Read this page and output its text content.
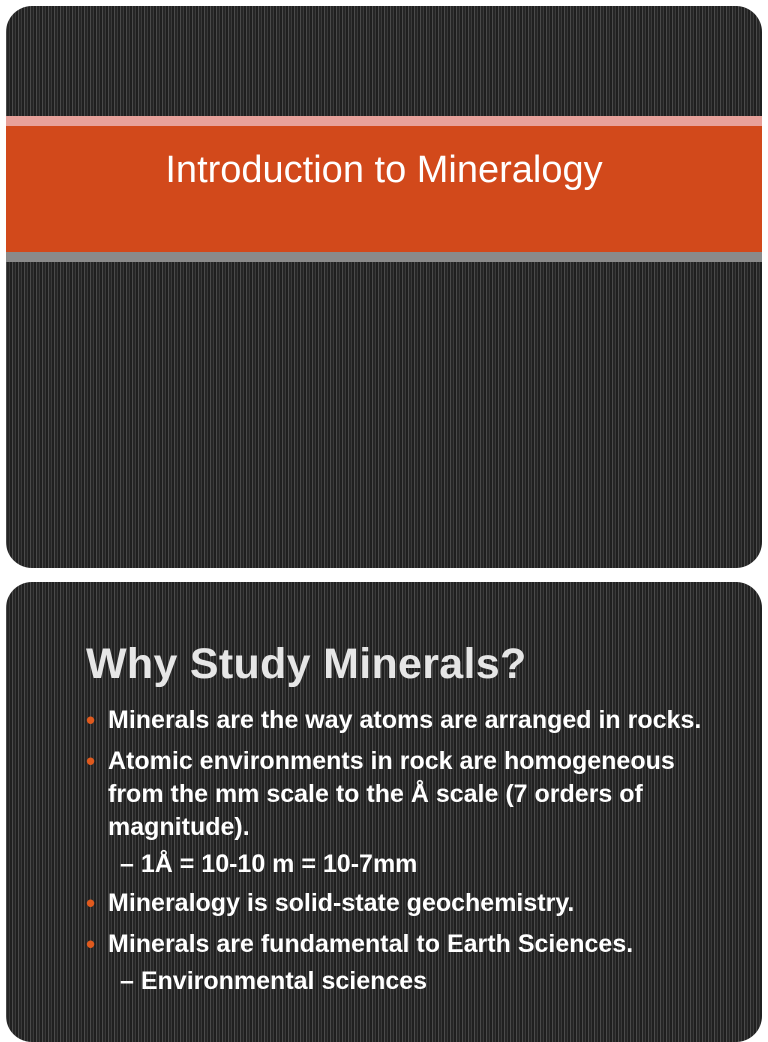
Introduction to Mineralogy
Why Study Minerals?
• Minerals are the way atoms are arranged in rocks.
• Atomic environments in rock are homogeneous from the mm scale to the Å scale (7 orders of magnitude).
– 1Å = 10-10 m = 10-7mm
• Mineralogy is solid-state geochemistry.
• Minerals are fundamental to Earth Sciences.
– Environmental sciences
